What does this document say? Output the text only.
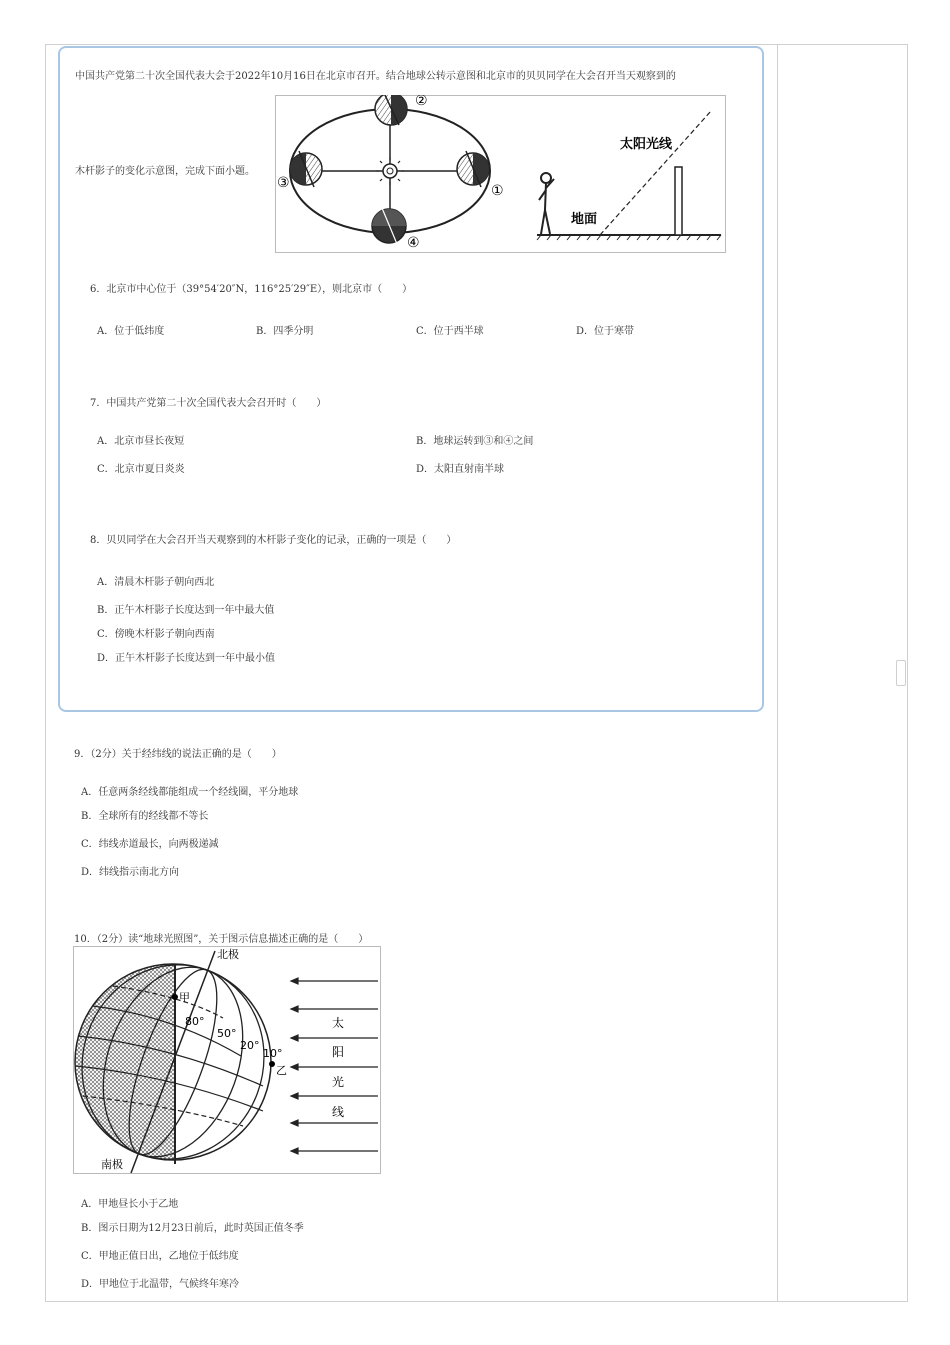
中国共产党第二十次全国代表大会于2022年10月16日在北京市召开。结合地球公转示意图和北京市的贝贝同学在大会召开当天观察到的
木杆影子的变化示意图，完成下面小题。
②
①
③
④
太阳光线
地面
6．北京市中心位于（39°54′20″N，116°25′29″E），则北京市（　　）
A．位于低纬度	B．四季分明	C．位于西半球	D．位于寒带
7．中国共产党第二十次全国代表大会召开时（　　）
A．北京市昼长夜短	B．地球运转到③和④之间
C．北京市夏日炎炎	D．太阳直射南半球
8．贝贝同学在大会召开当天观察到的木杆影子变化的记录，正确的一项是（　　）
A．清晨木杆影子朝向西北
B．正午木杆影子长度达到一年中最大值
C．傍晚木杆影子朝向西南
D．正午木杆影子长度达到一年中最小值
9．（2分）关于经纬线的说法正确的是（　　）
A．任意两条经线都能组成一个经线圈，平分地球
B．全球所有的经线都不等长
C．纬线赤道最长，向两极递减
D．纬线指示南北方向
10．（2分）读“地球光照图”，关于图示信息描述正确的是（　　）
北极
南极
甲
乙
80°
50°
20°
10°
太
阳
光
线
A．甲地昼长小于乙地
B．图示日期为12月23日前后，此时英国正值冬季
C．甲地正值日出，乙地位于低纬度
D．甲地位于北温带，气候终年寒冷
